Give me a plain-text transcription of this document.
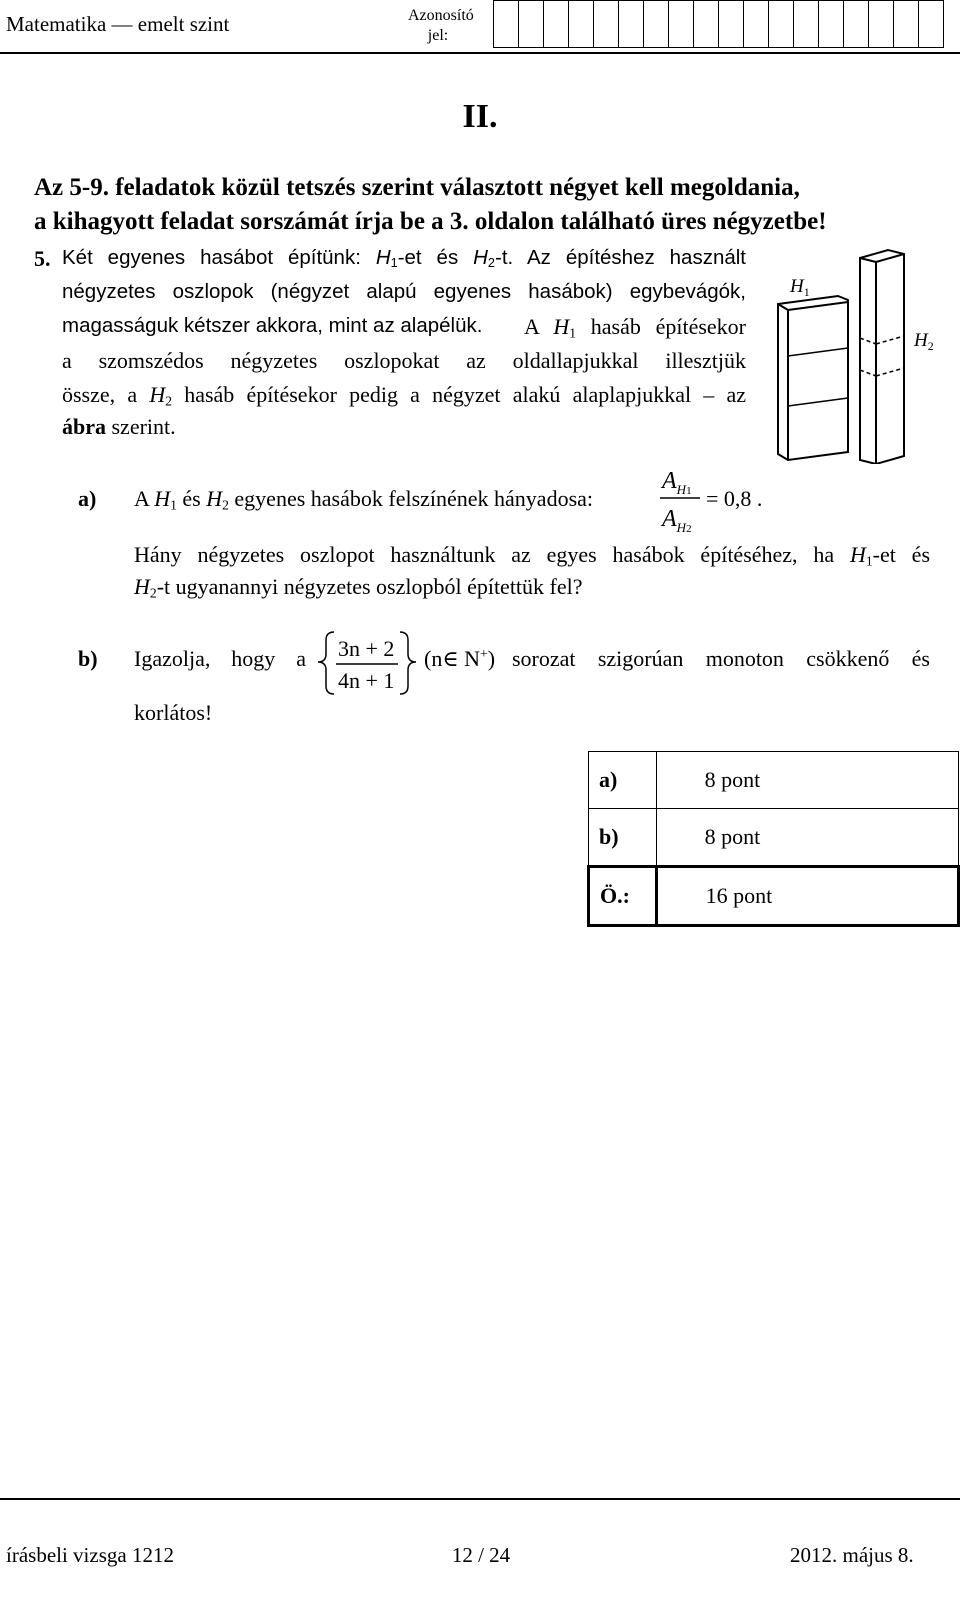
Matematika — emelt szint	Azonosító jel:
II.
Az 5-9. feladatok közül tetszés szerint választott négyet kell megoldania,
a kihagyott feladat sorszámát írja be a 3. oldalon található üres négyzetbe!
5. Két egyenes hasábot építünk: $H_1-et$ és $H_2-t$. Az építéshez használt
négyzetes oszlopok (négyzet alapú egyenes hasábok) egybevágók,
magasságuk kétszer akkora, mint az alapélük. A $H_1$ hasáb építésekor
a szomszédos négyzetes oszlopokat az oldallapjukkal illesztjük
össze, a $H_2$ hasáb építésekor pedig a négyzet alakú alaplapjukkal – az
ábra szerint.
$H_1$
$H_2$
a) A $H_1$ és $H_2$ egyenes hasábok felszínének hányadosa:
$A_H1$
$A_H2$
= 0,8 .
Hány négyzetes oszlopot használtunk az egyes hasábok építéséhez, ha $H_1-et$ és
$H_2-t$ ugyanannyi négyzetes oszlopból építettük fel?
b) Igazolja, hogy a 3n + 2
4n + 1
(n∈ N+) sorozat szigorúan monoton csökkenő és
korlátos!
a)	8 pont
b)	8 pont
Ö.:	16 pont
írásbeli vizsga 1212	12 / 24	2012. május 8.
